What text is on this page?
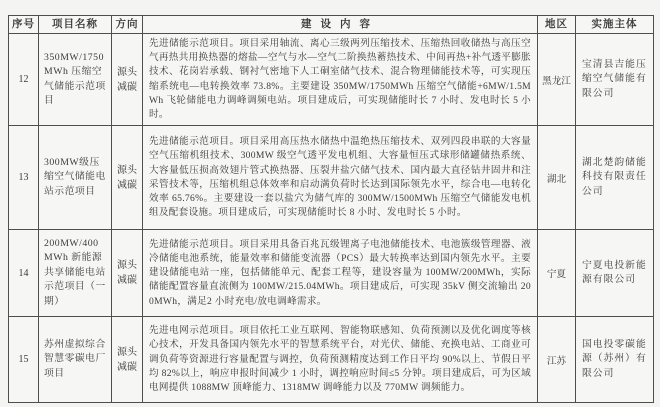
序号	项目名称	方向	建设内容	地区	实施主体
12	350MW/1750MWh 压缩空气储能示范项目	源头减碳	先进储能示范项目。项目采用轴流、离心三级两列压缩技术、压缩热回收储热与高压空气再热共用换热器的熔盐—空气与水—空气二阶换热蓄热技术、中间再热+补气透平膨胀技术、花岗岩承载、钢衬气密地下人工硐室储气技术、混合物理储能技术等，可实现压缩系统电—电转换效率 73.8%。主要建设 350MW/1750MWh 压缩空气储能+6MW/1.5MWh 飞轮储能电力调峰调频电站。项目建成后，可实现储能时长 7 小时、发电时长 5 小时。	黑龙江	宝清县吉能压缩空气储能有限公司
13	300MW级压缩空气储能电站示范项目	源头减碳	先进储能示范项目。项目采用高压热水储热中温绝热压缩技术、双列四段串联的大容量空气压缩机组技术、300MW 级空气透平发电机组、大容量恒压式球形储罐储热系统、大容量低压损高效翅片管式换热器、压裂井盐穴储气技术、国内最大直径钻井固井和注采管技术等，压缩机组总体效率和启动满负荷时长达到国际领先水平，综合电—电转化效率 65.76%。主要建设一套以盐穴为储气库的 300MW/1500MWh 压缩空气储能发电机组及配套设施。项目建成后，可实现储能时长 8 小时、发电时长 5 小时。	湖北	湖北楚韵储能科技有限责任公司
14	200MW/400MWh 新能源共享储能电站示范项目（一期）	源头减碳	先进储能示范项目。项目采用具备百兆瓦级锂离子电池储能技术、电池簇级管理器、液冷储能电池系统，能量效率和储能变流器（PCS）最大转换率达到国内领先水平。主要建设储能电站一座，包括储能单元、配套工程等，建设容量为 100MW/200MWh，实际储能配置容量直流侧为 100MW/215.04MWh。项目建成后，可实现 35kV 侧交流输出 200MWh，满足2 小时充电/放电调峰需求。	宁夏	宁夏电投新能源有限公司
15	苏州虚拟综合智慧零碳电厂项目	源头减碳	先进电网示范项目。项目依托工业互联网、智能物联感知、负荷预测以及优化调度等核心技术，开发具备国内领先水平的智慧系统平台，对光伏、储能、充换电站、工商业可调负荷等资源进行容量配置与调控，负荷预测精度达到工作日平均 90%以上、节假日平均 82%以上，响应申报时间减少 1 小时，调控响应时间≤5 分钟。项目建成后，可为区域电网提供 1088MW 顶峰能力、1318MW 调峰能力以及 770MW 调频能力。	江苏	国电投零碳能源（苏州）有限公司
